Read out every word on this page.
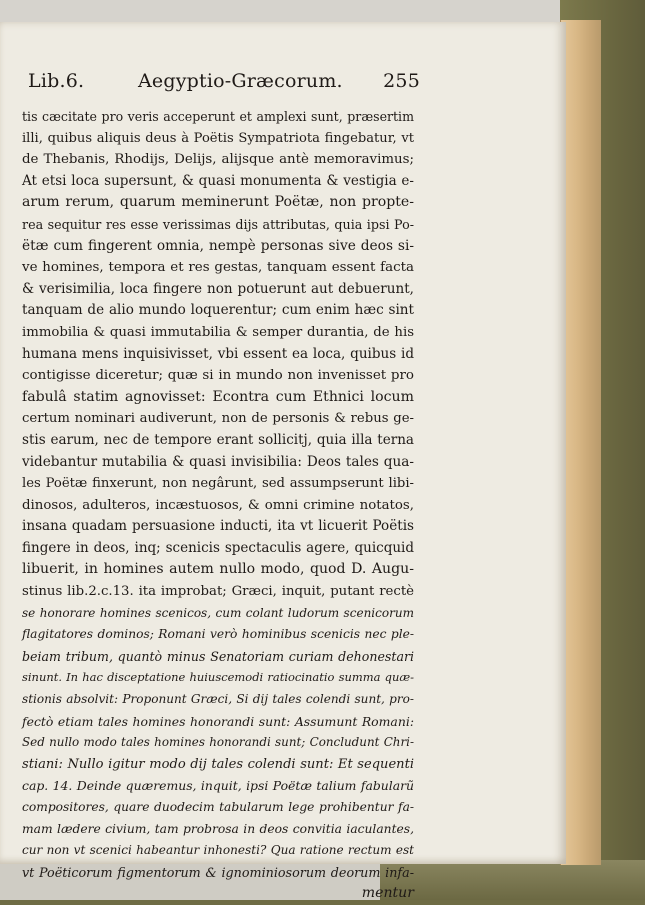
Lib.6.	Aegyptio-Græcorum. 255
tis cæcitate pro veris acceperunt et amplexi sunt, præsertim
illi, quibus aliquis deus à Poëtis Sympatriota fingebatur, vt
de Thebanis, Rhodijs, Delijs, alijsque antè memoravimus;
At etsi loca supersunt, & quasi monumenta & vestigia e-
arum rerum, quarum meminerunt Poëtæ, non propte-
rea sequitur res esse verissimas dijs attributas, quia ipsi Po-
ëtæ cum fingerent omnia, nempè personas sive deos si-
ve homines, tempora et res gestas, tanquam essent facta
& verisimilia, loca fingere non potuerunt aut debuerunt,
tanquam de alio mundo loquerentur; cum enim hæc sint
immobilia & quasi immutabilia & semper durantia, de his
humana mens inquisivisset, vbi essent ea loca, quibus id
contigisse diceretur; quæ si in mundo non invenisset pro
fabulâ statim agnovisset: Econtra cum Ethnici locum
certum nominari audiverunt, non de personis & rebus ge-
stis earum, nec de tempore erant sollicitj, quia illa terna
videbantur mutabilia & quasi invisibilia: Deos tales qua-
les Poëtæ finxerunt, non negârunt, sed assumpserunt libi-
dinosos, adulteros, incæstuosos, & omni crimine notatos,
insana quadam persuasione inducti, ita vt licuerit Poëtis
fingere in deos, inq; scenicis spectaculis agere, quicquid
libuerit, in homines autem nullo modo, quod D. Augu-
stinus lib.2.c.13. ita improbat; Græci, inquit, putant rectè
se honorare homines scenicos, cum colant ludorum scenicorum
flagitatores dominos; Romani verò hominibus scenicis nec ple-
beiam tribum, quantò minus Senatoriam curiam dehonestari
sinunt. In hac disceptatione huiuscemodi ratiocinatio summa quæ-
stionis absolvit: Proponunt Græci, Si dij tales colendi sunt, pro-
fectò etiam tales homines honorandi sunt: Assumunt Romani:
Sed nullo modo tales homines honorandi sunt; Concludunt Chri-
stiani: Nullo igitur modo dij tales colendi sunt: Et sequenti
cap. 14. Deinde quæremus, inquit, ipsi Poëtæ talium fabularũ
compositores, quare duodecim tabularum lege prohibentur fa-
mam lædere civium, tam probrosa in deos convitia iaculantes,
cur non vt scenici habeantur inhonesti? Qua ratione rectum est
vt Poëticorum figmentorum & ignominiosorum deorum infa-
mentur
